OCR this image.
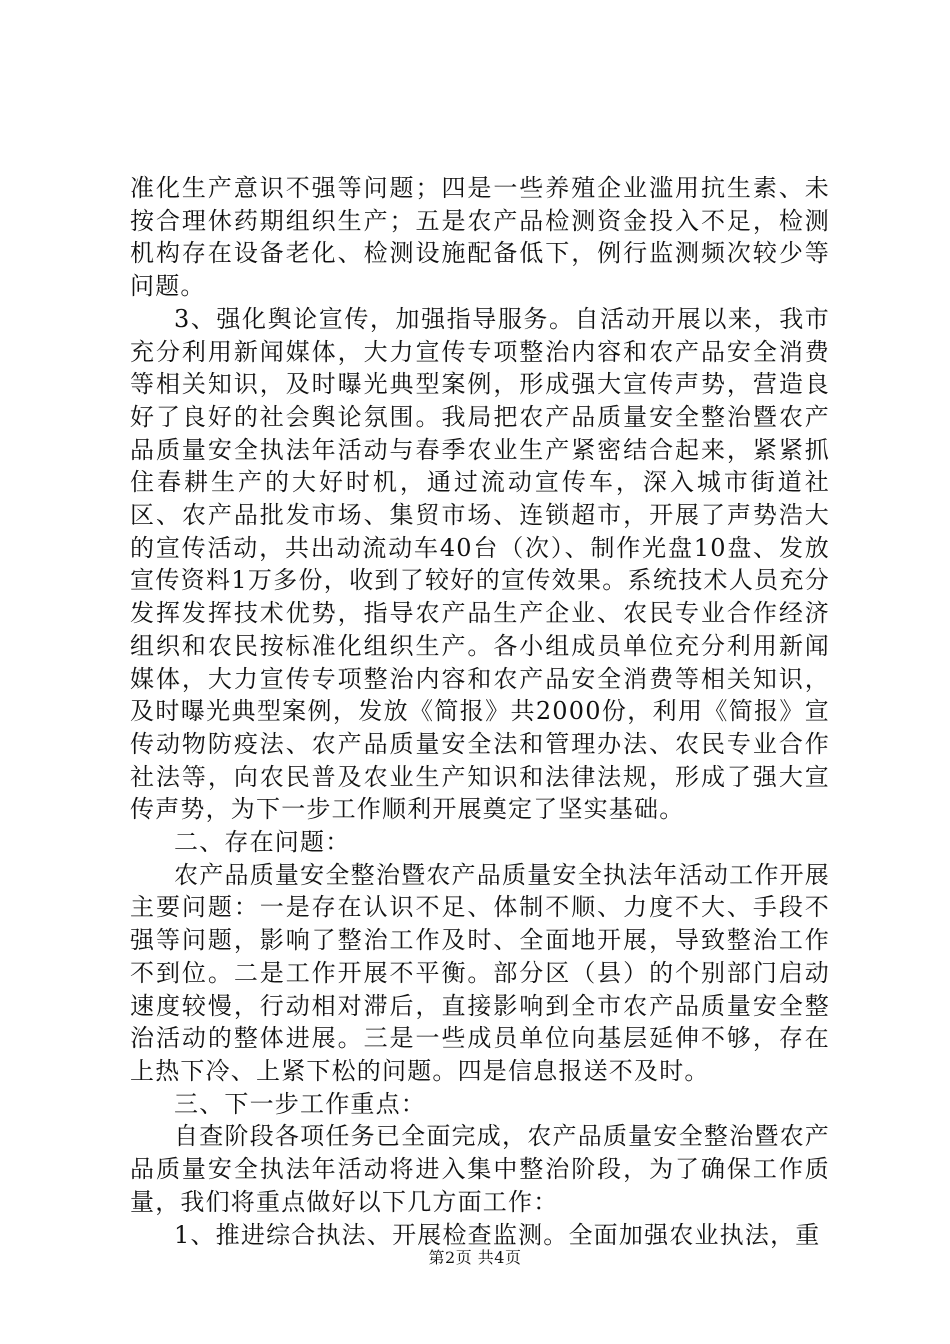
准化生产意识不强等问题；四是一些养殖企业滥用抗生素、未按合理休药期组织生产；五是农产品检测资金投入不足，检测机构存在设备老化、检测设施配备低下，例行监测频次较少等问题。

3、强化舆论宣传，加强指导服务。自活动开展以来，我市充分利用新闻媒体，大力宣传专项整治内容和农产品安全消费等相关知识，及时曝光典型案例，形成强大宣传声势，营造良好了良好的社会舆论氛围。我局把农产品质量安全整治暨农产品质量安全执法年活动与春季农业生产紧密结合起来，紧紧抓住春耕生产的大好时机，通过流动宣传车，深入城市街道社区、农产品批发市场、集贸市场、连锁超市，开展了声势浩大的宣传活动，共出动流动车40台（次）、制作光盘10盘、发放宣传资料1万多份，收到了较好的宣传效果。系统技术人员充分发挥发挥技术优势，指导农产品生产企业、农民专业合作经济组织和农民按标准化组织生产。各小组成员单位充分利用新闻媒体，大力宣传专项整治内容和农产品安全消费等相关知识，及时曝光典型案例，发放《简报》共2000份，利用《简报》宣传动物防疫法、农产品质量安全法和管理办法、农民专业合作社法等，向农民普及农业生产知识和法律法规，形成了强大宣传声势，为下一步工作顺利开展奠定了坚实基础。

二、存在问题：

农产品质量安全整治暨农产品质量安全执法年活动工作开展主要问题：一是存在认识不足、体制不顺、力度不大、手段不强等问题，影响了整治工作及时、全面地开展，导致整治工作不到位。二是工作开展不平衡。部分区（县）的个别部门启动速度较慢，行动相对滞后，直接影响到全市农产品质量安全整治活动的整体进展。三是一些成员单位向基层延伸不够，存在上热下冷、上紧下松的问题。四是信息报送不及时。

三、下一步工作重点：

自查阶段各项任务已全面完成，农产品质量安全整治暨农产品质量安全执法年活动将进入集中整治阶段，为了确保工作质量，我们将重点做好以下几方面工作：

1、推进综合执法、开展检查监测。全面加强农业执法，重

第2页 共4页
